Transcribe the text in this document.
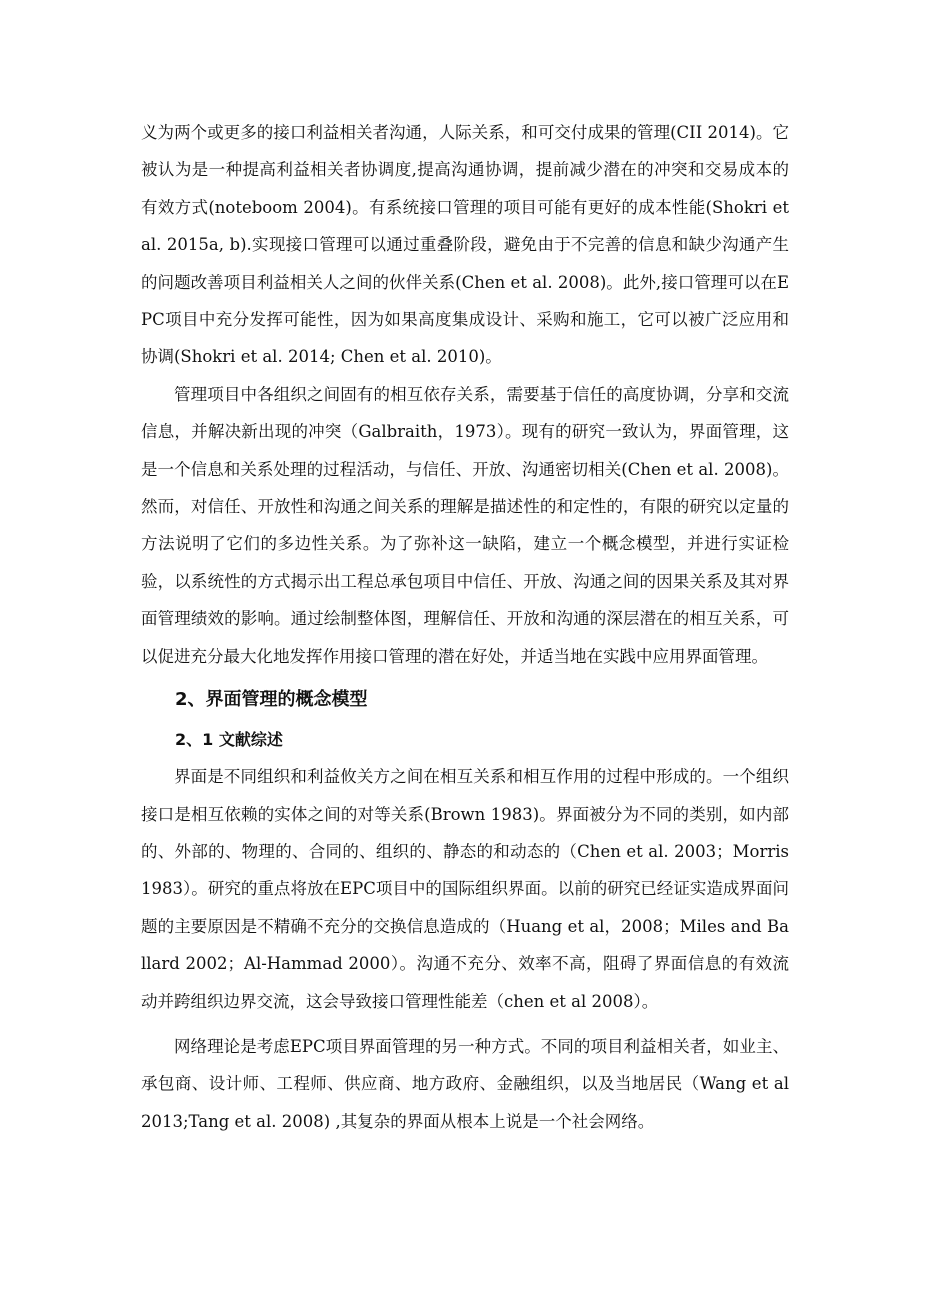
义为两个或更多的接口利益相关者沟通，人际关系，和可交付成果的管理(CII 2014)。它被认为是一种提高利益相关者协调度,提高沟通协调，提前减少潜在的冲突和交易成本的有效方式(noteboom 2004)。有系统接口管理的项目可能有更好的成本性能(Shokri et al. 2015a, b).实现接口管理可以通过重叠阶段，避免由于不完善的信息和缺少沟通产生的问题改善项目利益相关人之间的伙伴关系(Chen et al. 2008)。此外,接口管理可以在EPC项目中充分发挥可能性，因为如果高度集成设计、采购和施工，它可以被广泛应用和协调(Shokri et al. 2014; Chen et al. 2010)。

管理项目中各组织之间固有的相互依存关系，需要基于信任的高度协调，分享和交流信息，并解决新出现的冲突（Galbraith，1973）。现有的研究一致认为，界面管理，这是一个信息和关系处理的过程活动，与信任、开放、沟通密切相关(Chen et al. 2008)。然而，对信任、开放性和沟通之间关系的理解是描述性的和定性的，有限的研究以定量的方法说明了它们的多边性关系。为了弥补这一缺陷，建立一个概念模型，并进行实证检验，以系统性的方式揭示出工程总承包项目中信任、开放、沟通之间的因果关系及其对界面管理绩效的影响。通过绘制整体图，理解信任、开放和沟通的深层潜在的相互关系，可以促进充分最大化地发挥作用接口管理的潜在好处，并适当地在实践中应用界面管理。

2、界面管理的概念模型
2、1 文献综述

界面是不同组织和利益攸关方之间在相互关系和相互作用的过程中形成的。一个组织 接口是相互依赖的实体之间的对等关系(Brown 1983)。界面被分为不同的类别，如内部的、外部的、物理的、合同的、组织的、静态的和动态的（Chen et al. 2003；Morris 1983）。研究的重点将放在EPC项目中的国际组织界面。以前的研究已经证实造成界面问题的主要原因是不精确不充分的交换信息造成的（Huang et al，2008；Miles and Ballard 2002；Al-Hammad 2000）。沟通不充分、效率不高，阻碍了界面信息的有效流动并跨组织边界交流，这会导致接口管理性能差（chen et al 2008）。

网络理论是考虑EPC项目界面管理的另一种方式。不同的项目利益相关者，如业主、承包商、设计师、工程师、供应商、地方政府、金融组织，以及当地居民（Wang et al 2013;Tang et al. 2008) ,其复杂的界面从根本上说是一个社会网络。
